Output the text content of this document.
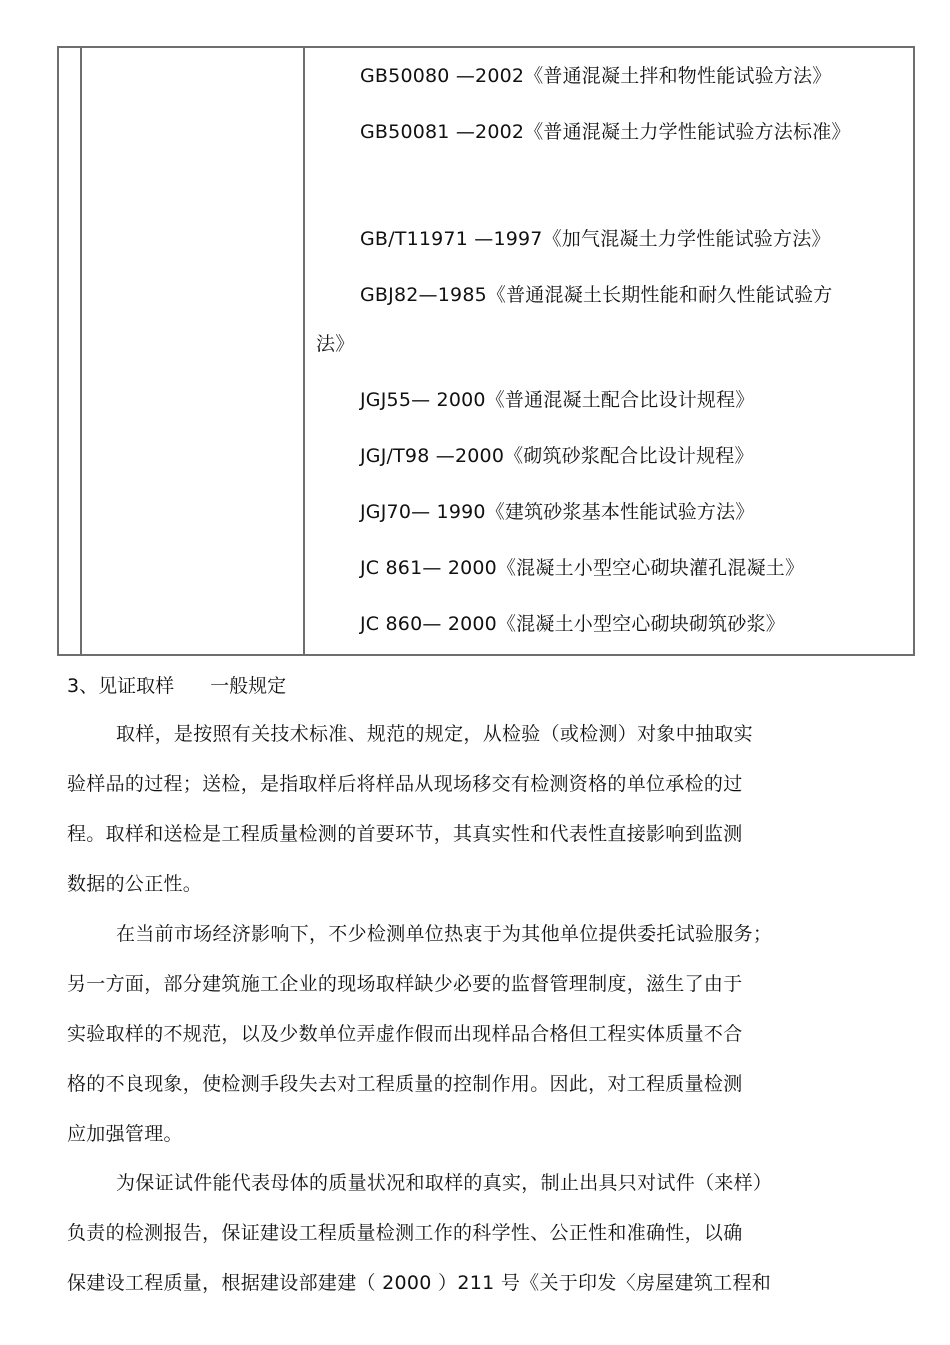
GB50080 —2002《普通混凝土拌和物性能试验方法》
GB50081 —2002《普通混凝土力学性能试验方法标准》
GB/T11971 —1997《加气混凝土力学性能试验方法》
GBJ82—1985《普通混凝土长期性能和耐久性能试验方
法》
JGJ55— 2000《普通混凝土配合比设计规程》
JGJ/T98 —2000《砌筑砂浆配合比设计规程》
JGJ70— 1990《建筑砂浆基本性能试验方法》
JC 861— 2000《混凝土小型空心砌块灌孔混凝土》
JC 860— 2000《混凝土小型空心砌块砌筑砂浆》
3、见证取样 一般规定
取样，是按照有关技术标准、规范的规定，从检验（或检测）对象中抽取实
验样品的过程；送检，是指取样后将样品从现场移交有检测资格的单位承检的过
程。取样和送检是工程质量检测的首要环节，其真实性和代表性直接影响到监测
数据的公正性。
在当前市场经济影响下，不少检测单位热衷于为其他单位提供委托试验服务；
另一方面，部分建筑施工企业的现场取样缺少必要的监督管理制度，滋生了由于
实验取样的不规范，以及少数单位弄虚作假而出现样品合格但工程实体质量不合
格的不良现象，使检测手段失去对工程质量的控制作用。因此，对工程质量检测
应加强管理。
为保证试件能代表母体的质量状况和取样的真实，制止出具只对试件（来样）
负责的检测报告，保证建设工程质量检测工作的科学性、公正性和准确性，以确
保建设工程质量，根据建设部建建（ 2000 ）211 号《关于印发〈房屋建筑工程和
